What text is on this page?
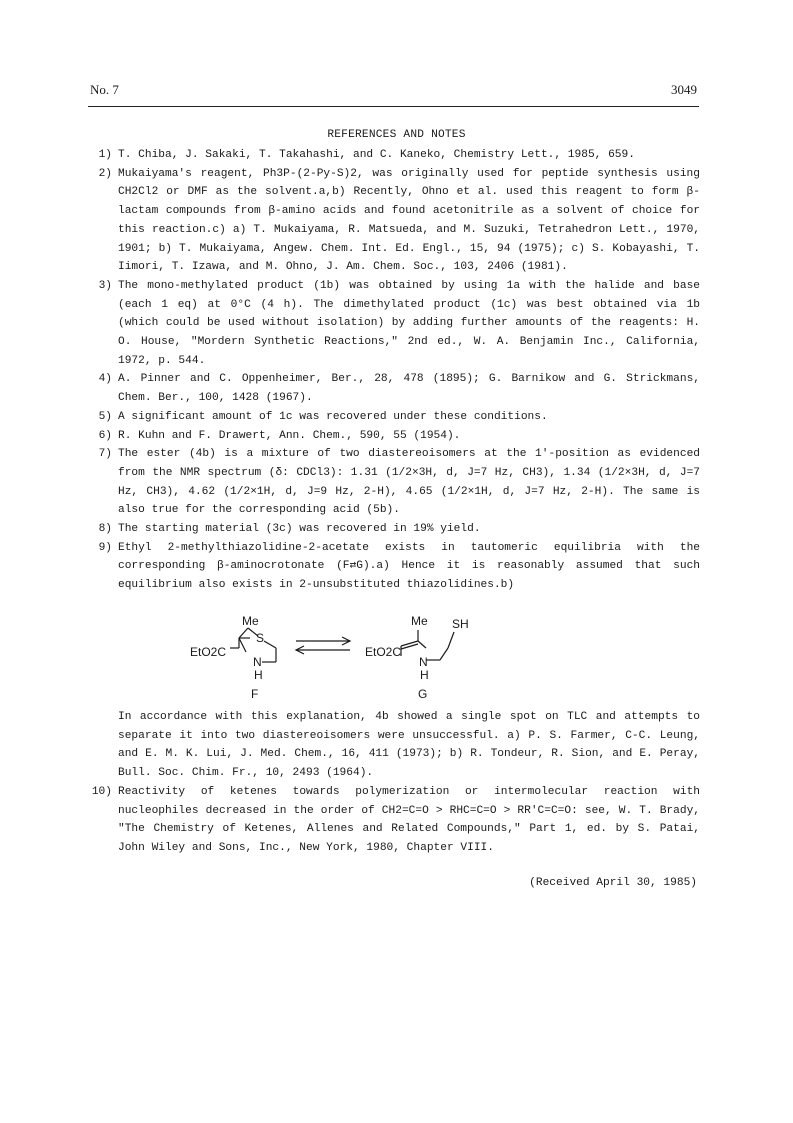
No. 7	3049
REFERENCES AND NOTES
1) T. Chiba, J. Sakaki, T. Takahashi, and C. Kaneko, Chemistry Lett., 1985, 659.

2) Mukaiyama's reagent, Ph3P-(2-Py-S)2, was originally used for peptide synthesis using CH2Cl2 or DMF as the solvent.a,b) Recently, Ohno et al. used this reagent to form β-lactam compounds from β-amino acids and found acetonitrile as a solvent of choice for this reaction.c) a) T. Mukaiyama, R. Matsueda, and M. Suzuki, Tetrahedron Lett., 1970, 1901; b) T. Mukaiyama, Angew. Chem. Int. Ed. Engl., 15, 94 (1975); c) S. Kobayashi, T. Iimori, T. Izawa, and M. Ohno, J. Am. Chem. Soc., 103, 2406 (1981).

3) The mono-methylated product (1b) was obtained by using 1a with the halide and base (each 1 eq) at 0°C (4 h). The dimethylated product (1c) was best obtained via 1b (which could be used without isolation) by adding further amounts of the reagents: H. O. House, "Mordern Synthetic Reactions," 2nd ed., W. A. Benjamin Inc., California, 1972, p. 544.

4) A. Pinner and C. Oppenheimer, Ber., 28, 478 (1895); G. Barnikow and G. Strickmans, Chem. Ber., 100, 1428 (1967).

5) A significant amount of 1c was recovered under these conditions.

6) R. Kuhn and F. Drawert, Ann. Chem., 590, 55 (1954).

7) The ester (4b) is a mixture of two diastereoisomers at the 1'-position as evidenced from the NMR spectrum (δ: CDCl3): 1.31 (1/2×3H, d, J=7 Hz, CH3), 1.34 (1/2×3H, d, J=7 Hz, CH3), 4.62 (1/2×1H, d, J=9 Hz, 2-H), 4.65 (1/2×1H, d, J=7 Hz, 2-H). The same is also true for the corresponding acid (5b).

8) The starting material (3c) was recovered in 19% yield.

9) Ethyl 2-methylthiazolidine-2-acetate exists in tautomeric equilibria with the corresponding β-aminocrotonate (F⇄G).a) Hence it is reasonably assumed that such equilibrium also exists in 2-unsubstituted thiazolidines.b)

Me
S
EtO2C
N
H
F
Me SH
EtO2C
N
H
G

In accordance with this explanation, 4b showed a single spot on TLC and attempts to separate it into two diastereoisomers were unsuccessful. a) P. S. Farmer, C-C. Leung, and E. M. K. Lui, J. Med. Chem., 16, 411 (1973); b) R. Tondeur, R. Sion, and E. Peray, Bull. Soc. Chim. Fr., 10, 2493 (1964).

10) Reactivity of ketenes towards polymerization or intermolecular reaction with nucleophiles decreased in the order of CH2=C=O > RHC=C=O > RR'C=C=O: see, W. T. Brady, "The Chemistry of Ketenes, Allenes and Related Compounds," Part 1, ed. by S. Patai, John Wiley and Sons, Inc., New York, 1980, Chapter VIII.

(Received April 30, 1985)
